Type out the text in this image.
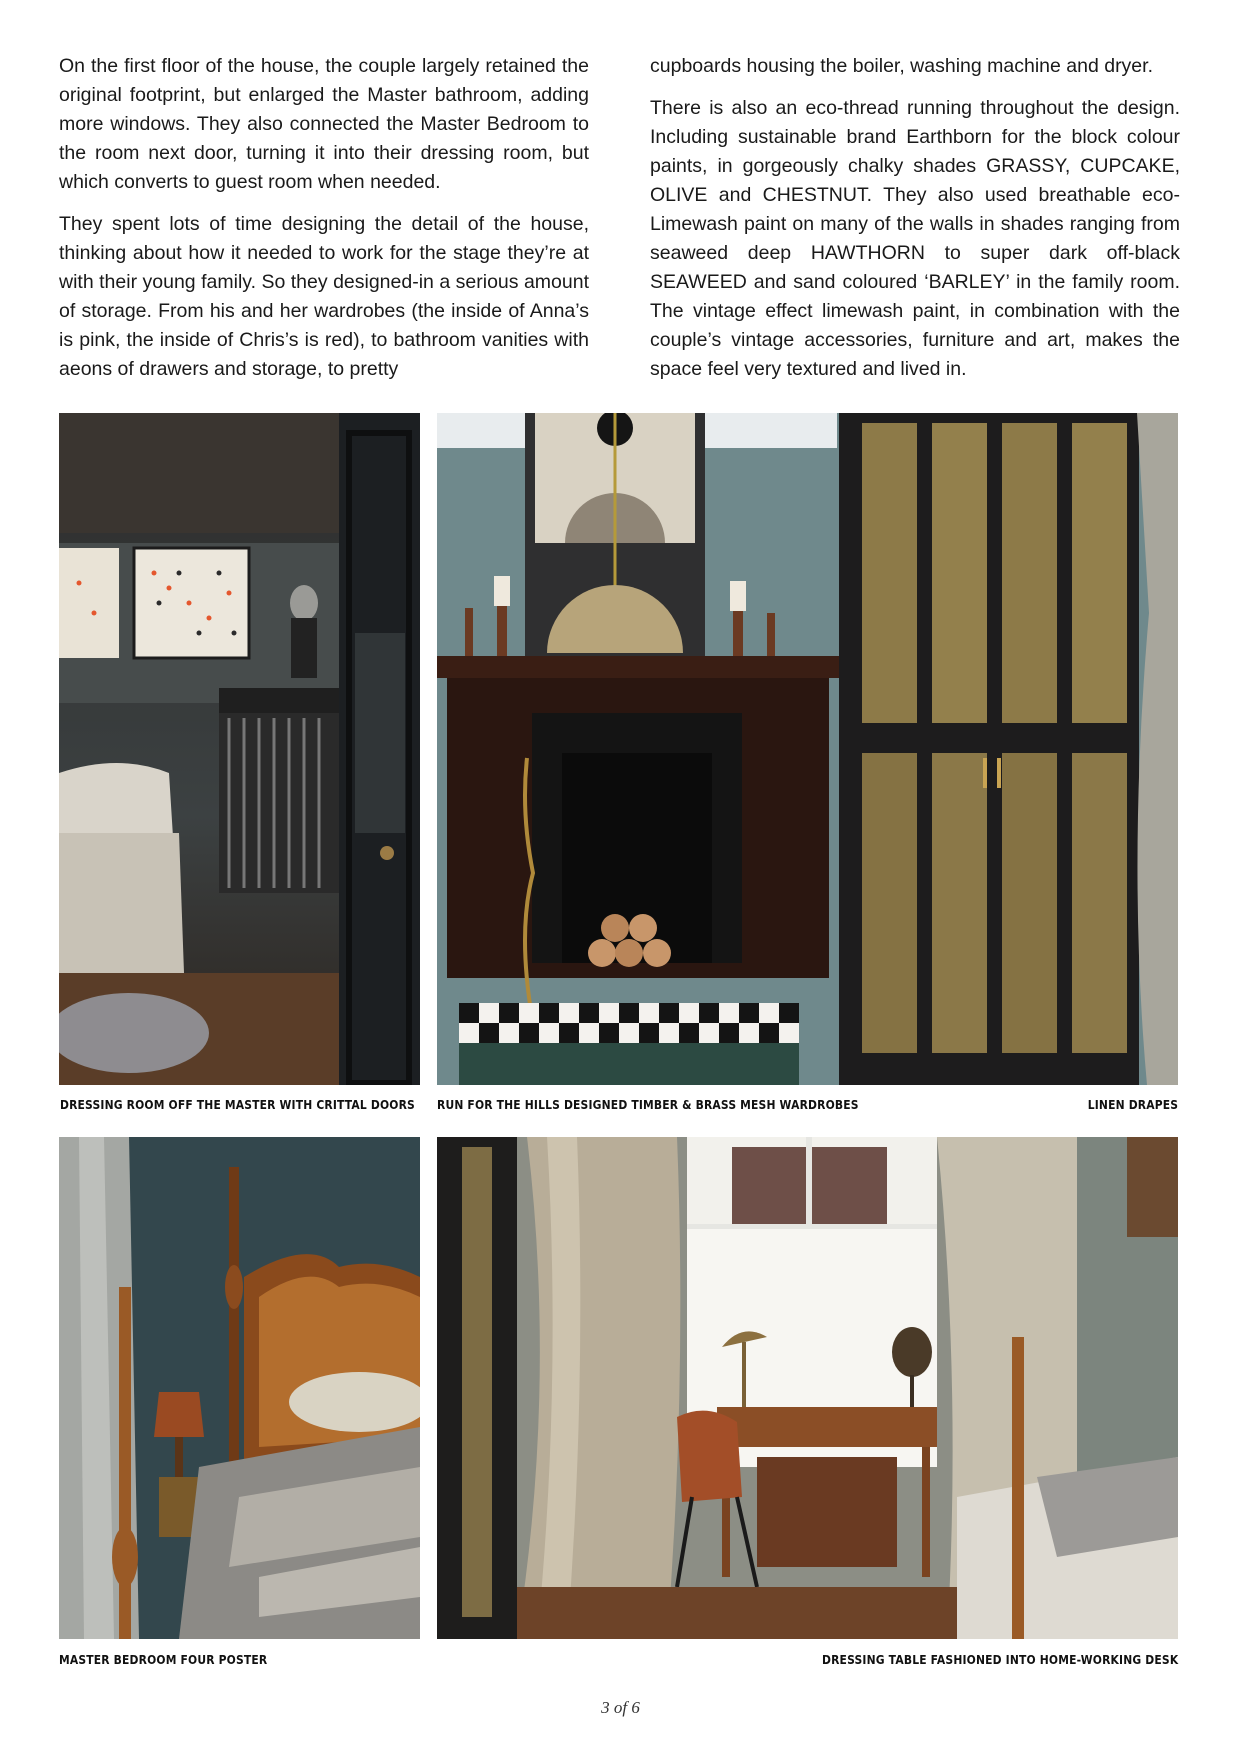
On the first floor of the house, the couple largely retained the original footprint, but enlarged the Master bathroom, adding more windows. They also connected the Master Bedroom to the room next door, turning it into their dressing room, but which converts to guest room when needed.

They spent lots of time designing the detail of the house, thinking about how it needed to work for the stage they’re at with their young family. So they designed-in a serious amount of storage. From his and her wardrobes (the inside of Anna’s is pink, the inside of Chris’s is red), to bathroom vanities with aeons of drawers and storage, to pretty

cupboards housing the boiler, washing machine and dryer.

There is also an eco-thread running throughout the design. Including sustainable brand Earthborn for the block colour paints, in gorgeously chalky shades GRASSY, CUPCAKE, OLIVE and CHESTNUT. They also used breathable eco-Limewash paint on many of the walls in shades ranging from seaweed deep HAWTHORN to super dark off-black SEAWEED and sand coloured ‘BARLEY’ in the family room. The vintage effect limewash paint, in combination with the couple’s vintage accessories, furniture and art, makes the space feel very textured and lived in.

DRESSING ROOM OFF THE MASTER WITH CRITTAL DOORS RUN FOR THE HILLS DESIGNED TIMBER & BRASS MESH WARDROBES	LINEN DRAPES
MASTER BEDROOM FOUR POSTER	DRESSING TABLE FASHIONED INTO HOME-WORKING DESK
3 of 6
